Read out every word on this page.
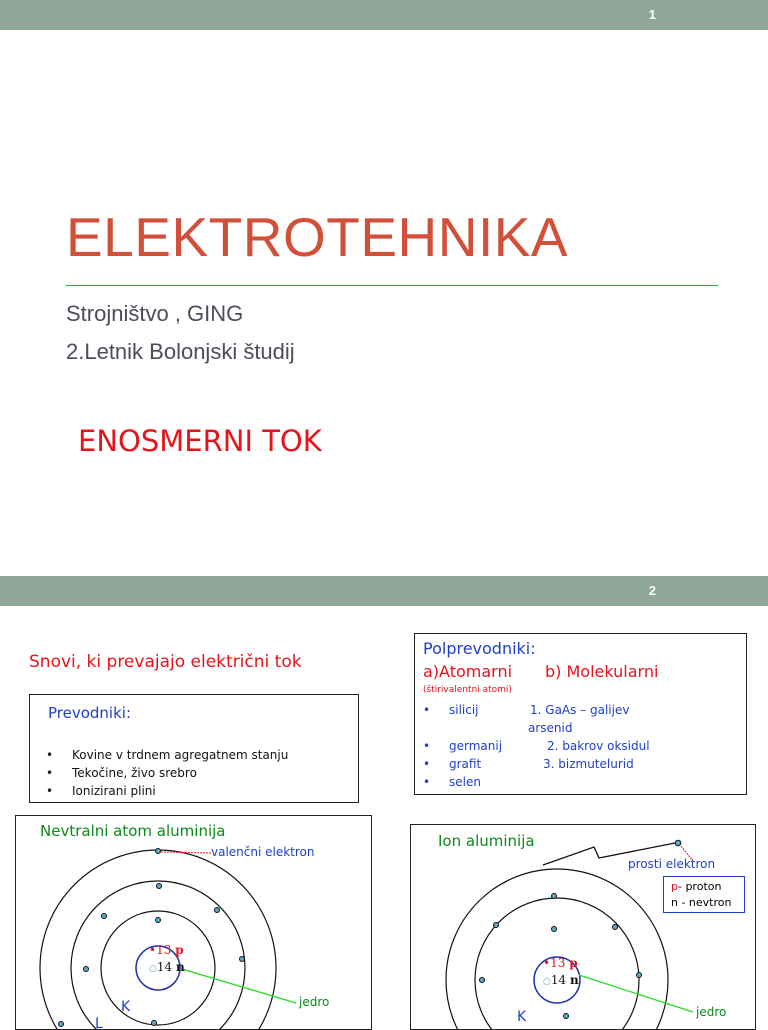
1
ELEKTROTEHNIKA
Strojništvo , GING
2.Letnik Bolonjski študij
ENOSMERNI TOK
2
Snovi, ki prevajajo električni tok
Prevodniki:
• Kovine v trdnem agregatnem stanju
• Tekočine, živo srebro
• Ionizirani plini
Polprevodniki:
a)Atomarni b) Molekularni
(štirivalentni atomi)
• silicij
• germanij
• grafit
• selen
1. GaAs – galijev
arsenid
2. bakrov oksidul
3. bizmutelurid
Nevtralni atom aluminija
valenčni elektron
•13 p
○14 n
jedro
K
L
Ion aluminija
prosti elektron
p- proton
n - nevtron
•13 p
○14 n
jedro
K
